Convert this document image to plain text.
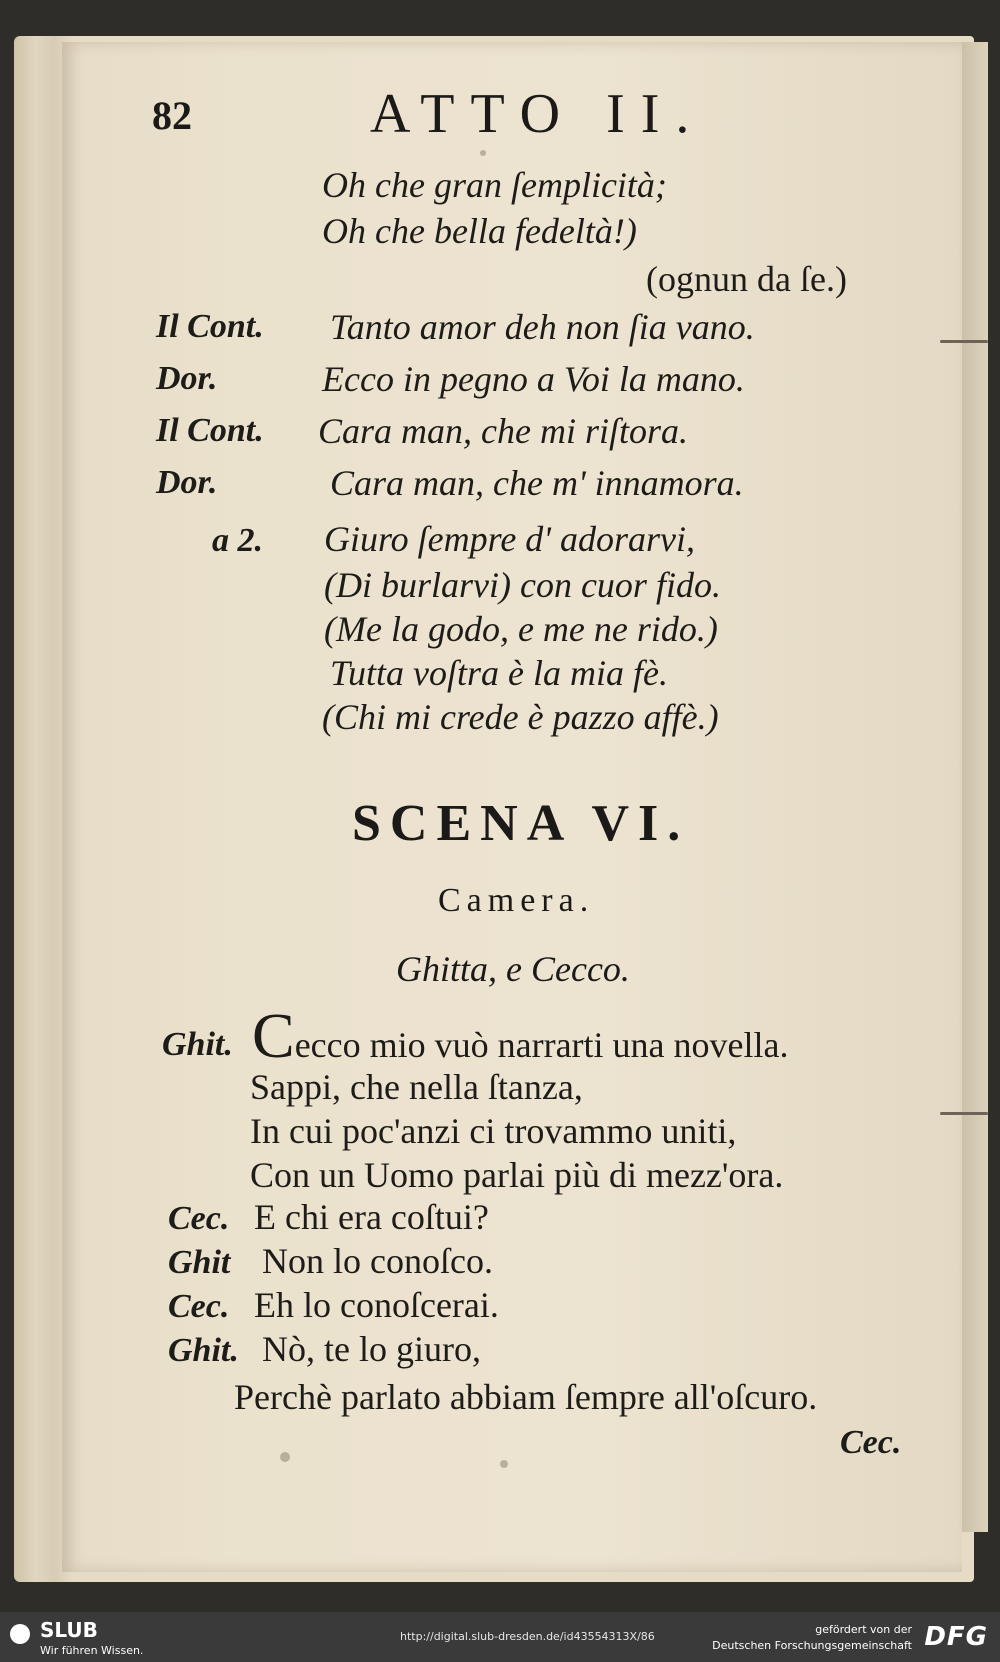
82	ATTO II.
Oh che gran ſemplicità;
Oh che bella fedeltà!)
(ognun da ſe.)
Il Cont. Tanto amor deh non ſia vano.
Dor.	Ecco in pegno a Voi la mano.
Il Cont. Cara man, che mi riſtora.
Dor.	Cara man, che m' innamora.
a 2. Giuro ſempre d' adorarvi,
(Di burlarvi) con cuor fido.
(Me la godo, e me ne rido.)
Tutta voſtra è la mia fè.
(Chi mi crede è pazzo affè.)
SCENA VI.
Camera.
Ghitta, e Cecco.
Ghit. Cecco mio vuò narrarti una novella.
Sappi, che nella ſtanza,
In cui poc'anzi ci trovammo uniti,
Con un Uomo parlai più di mezz'ora.
Cec. E chi era coſtui?
Ghit Non lo conoſco.
Cec. Eh lo conoſcerai.
Ghit. Nò, te lo giuro,
Perchè parlato abbiam ſempre all'oſcuro.
Cec.
SLUB
Wir führen Wissen.
http://digital.slub-dresden.de/id43554313X/86
gefördert von der
Deutschen Forschungsgemeinschaft DFG
